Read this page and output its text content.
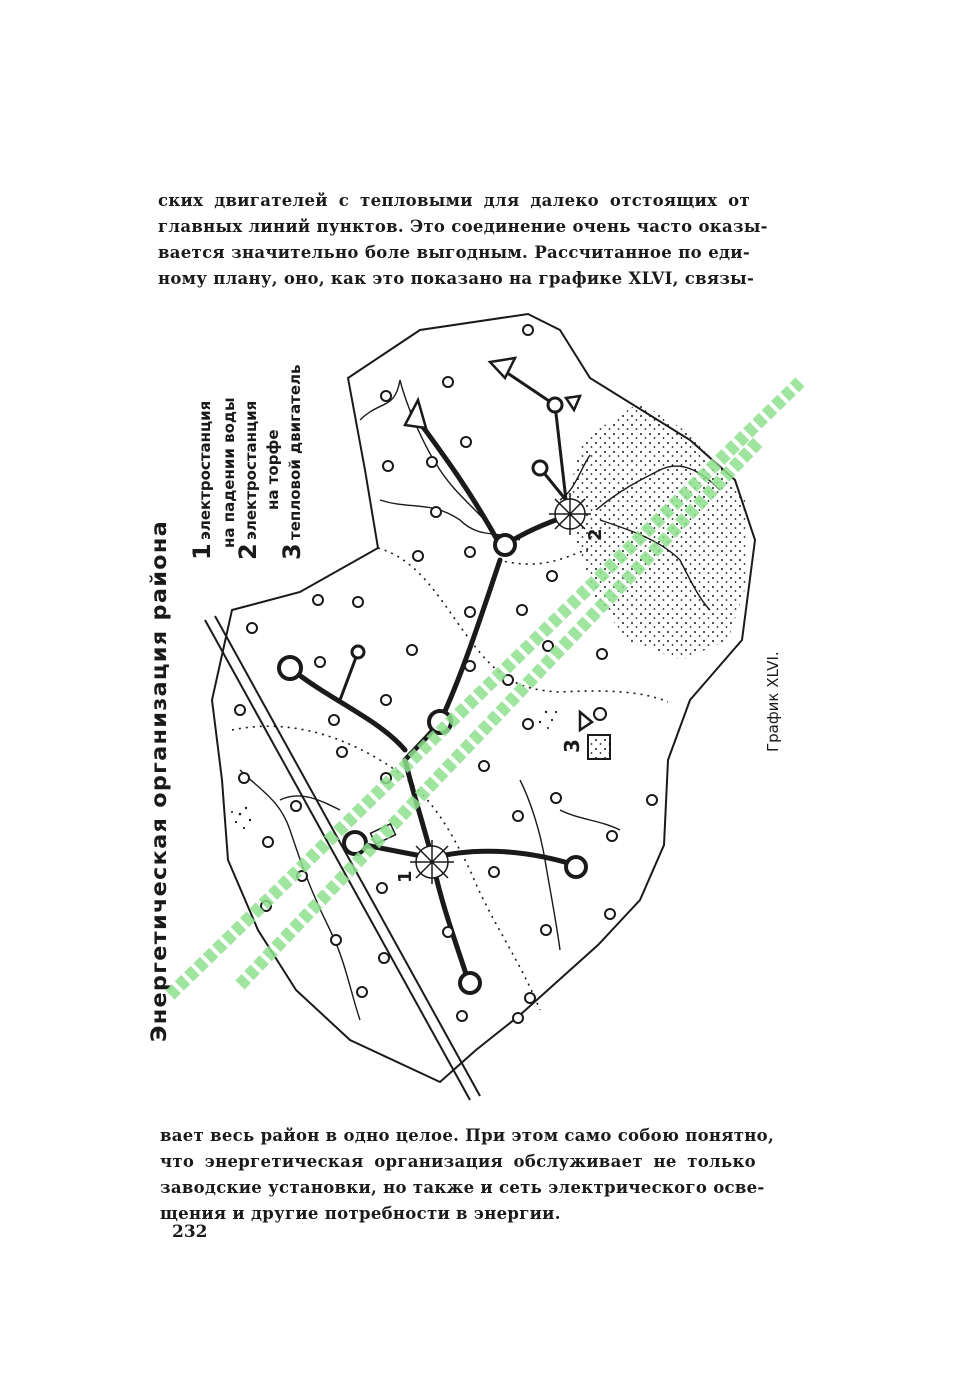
ских двигателей с тепловыми для далеко отстоящих от
главных линий пунктов. Это соединение очень часто оказы-
вается значительно боле выгодным. Рассчитанное по еди-
ному плану, оно, как это показано на графике XLVI, связы-
1
2
3
Энергетическая организация района
1
электростанция на падении воды
2
электростанция на торфе
3
тепловой двигатель
График XLVI.
вает весь район в одно целое. При этом само собою понятно,
что энергетическая организация обслуживает не только
заводские установки, но также и сеть электрического осве-
щения и другие потребности в энергии.
232
